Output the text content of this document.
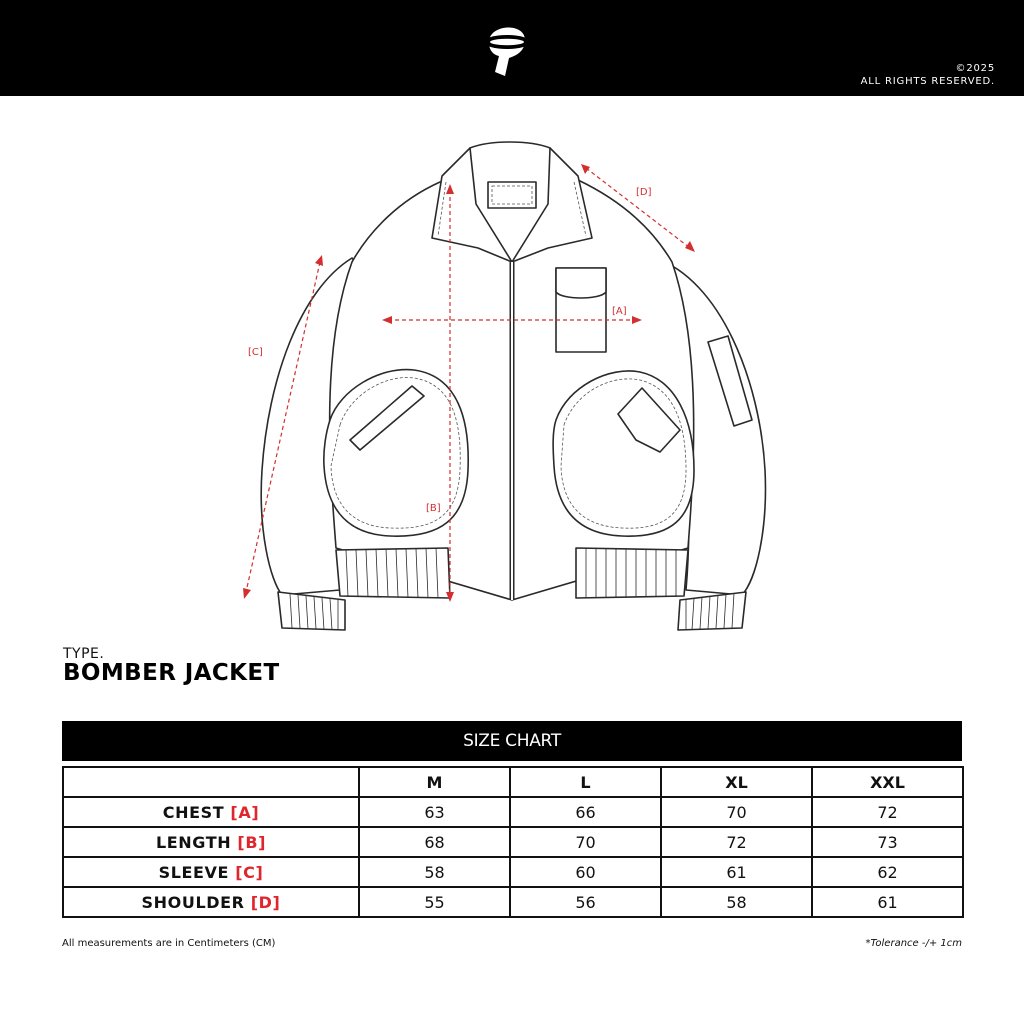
©2025
ALL RIGHTS RESERVED.
[A]
[B]
[C]
[D]
TYPE.
BOMBER JACKET
SIZE CHART
	M	L	XL	XXL
CHEST [A]	63	66	70	72
LENGTH [B]	68	70	72	73
SLEEVE [C]	58	60	61	62
SHOULDER [D]	55	56	58	61
All measurements are in Centimeters (CM)	*Tolerance -/+ 1cm
